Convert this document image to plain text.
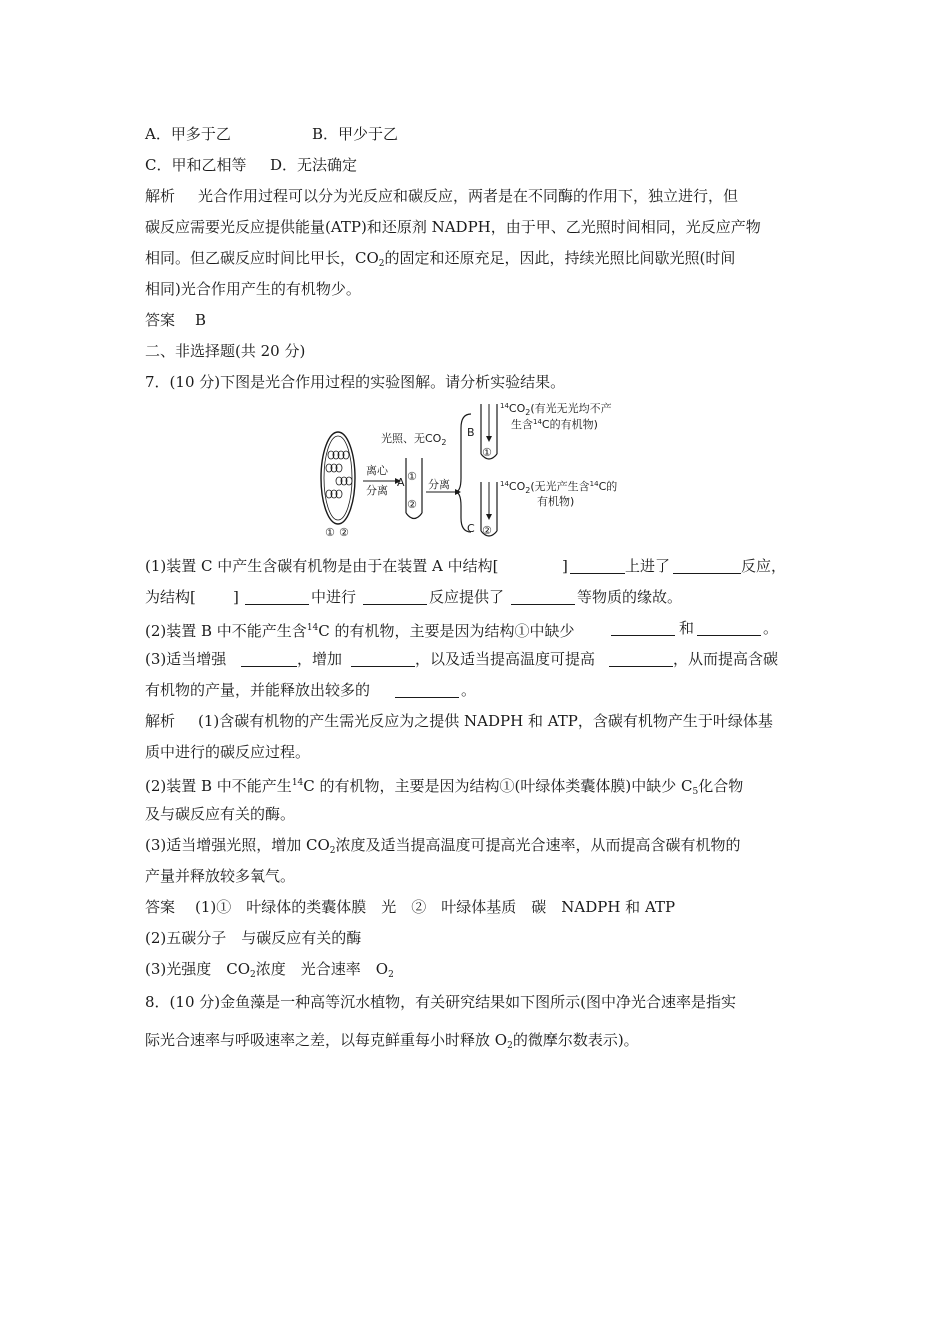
A．甲多于乙	B．甲少于乙
C．甲和乙相等 D．无法确定
解析 光合作用过程可以分为光反应和碳反应，两者是在不同酶的作用下，独立进行，但
碳反应需要光反应提供能量(ATP)和还原剂 NADPH，由于甲、乙光照时间相同，光反应产物
相同。但乙碳反应时间比甲长，$CO_2$的固定和还原充足，因此，持续光照比间歇光照(时间
相同)光合作用产生的有机物少。
答案 B
二、非选择题(共 20 分)
7．(10 分)下图是光合作用过程的实验图解。请分析实验结果。
① ②
离心
分离
A
光照、无$CO_2$
①
②
分离
B
C
①
$^{14}CO_2$(有光无光均不产
生含$^{14}$C的有机物)
②
$^{14}CO_2$(无光产生含$^{14}$C的
有机物)
(1)装置 C 中产生含碳有机物是由于在装置 A 中结构[	]	上进了	反应，
为结构[ ]	中进行	反应提供了	等物质的缘故。
(2)装置 B 中不能产生含$^{14}$C 的有机物，主要是因为结构①中缺少	和	。
(3)适当增强	，增加	，以及适当提高温度可提高	，从而提高含碳
有机物的产量，并能释放出较多的	。
解析 (1)含碳有机物的产生需光反应为之提供 NADPH 和 ATP，含碳有机物产生于叶绿体基
质中进行的碳反应过程。
(2)装置 B 中不能产生$^{14}$C 的有机物，主要是因为结构①(叶绿体类囊体膜)中缺少 $C_5$化合物
及与碳反应有关的酶。
(3)适当增强光照，增加 $CO_2$浓度及适当提高温度可提高光合速率，从而提高含碳有机物的
产量并释放较多氧气。
答案 (1)①　叶绿体的类囊体膜　光　②　叶绿体基质　碳　NADPH 和 ATP
(2)五碳分子　与碳反应有关的酶
(3)光强度　$CO_2$浓度　光合速率　$O_2$
8．(10 分)金鱼藻是一种高等沉水植物，有关研究结果如下图所示(图中净光合速率是指实
际光合速率与呼吸速率之差，以每克鲜重每小时释放 $O_2$的微摩尔数表示)。
